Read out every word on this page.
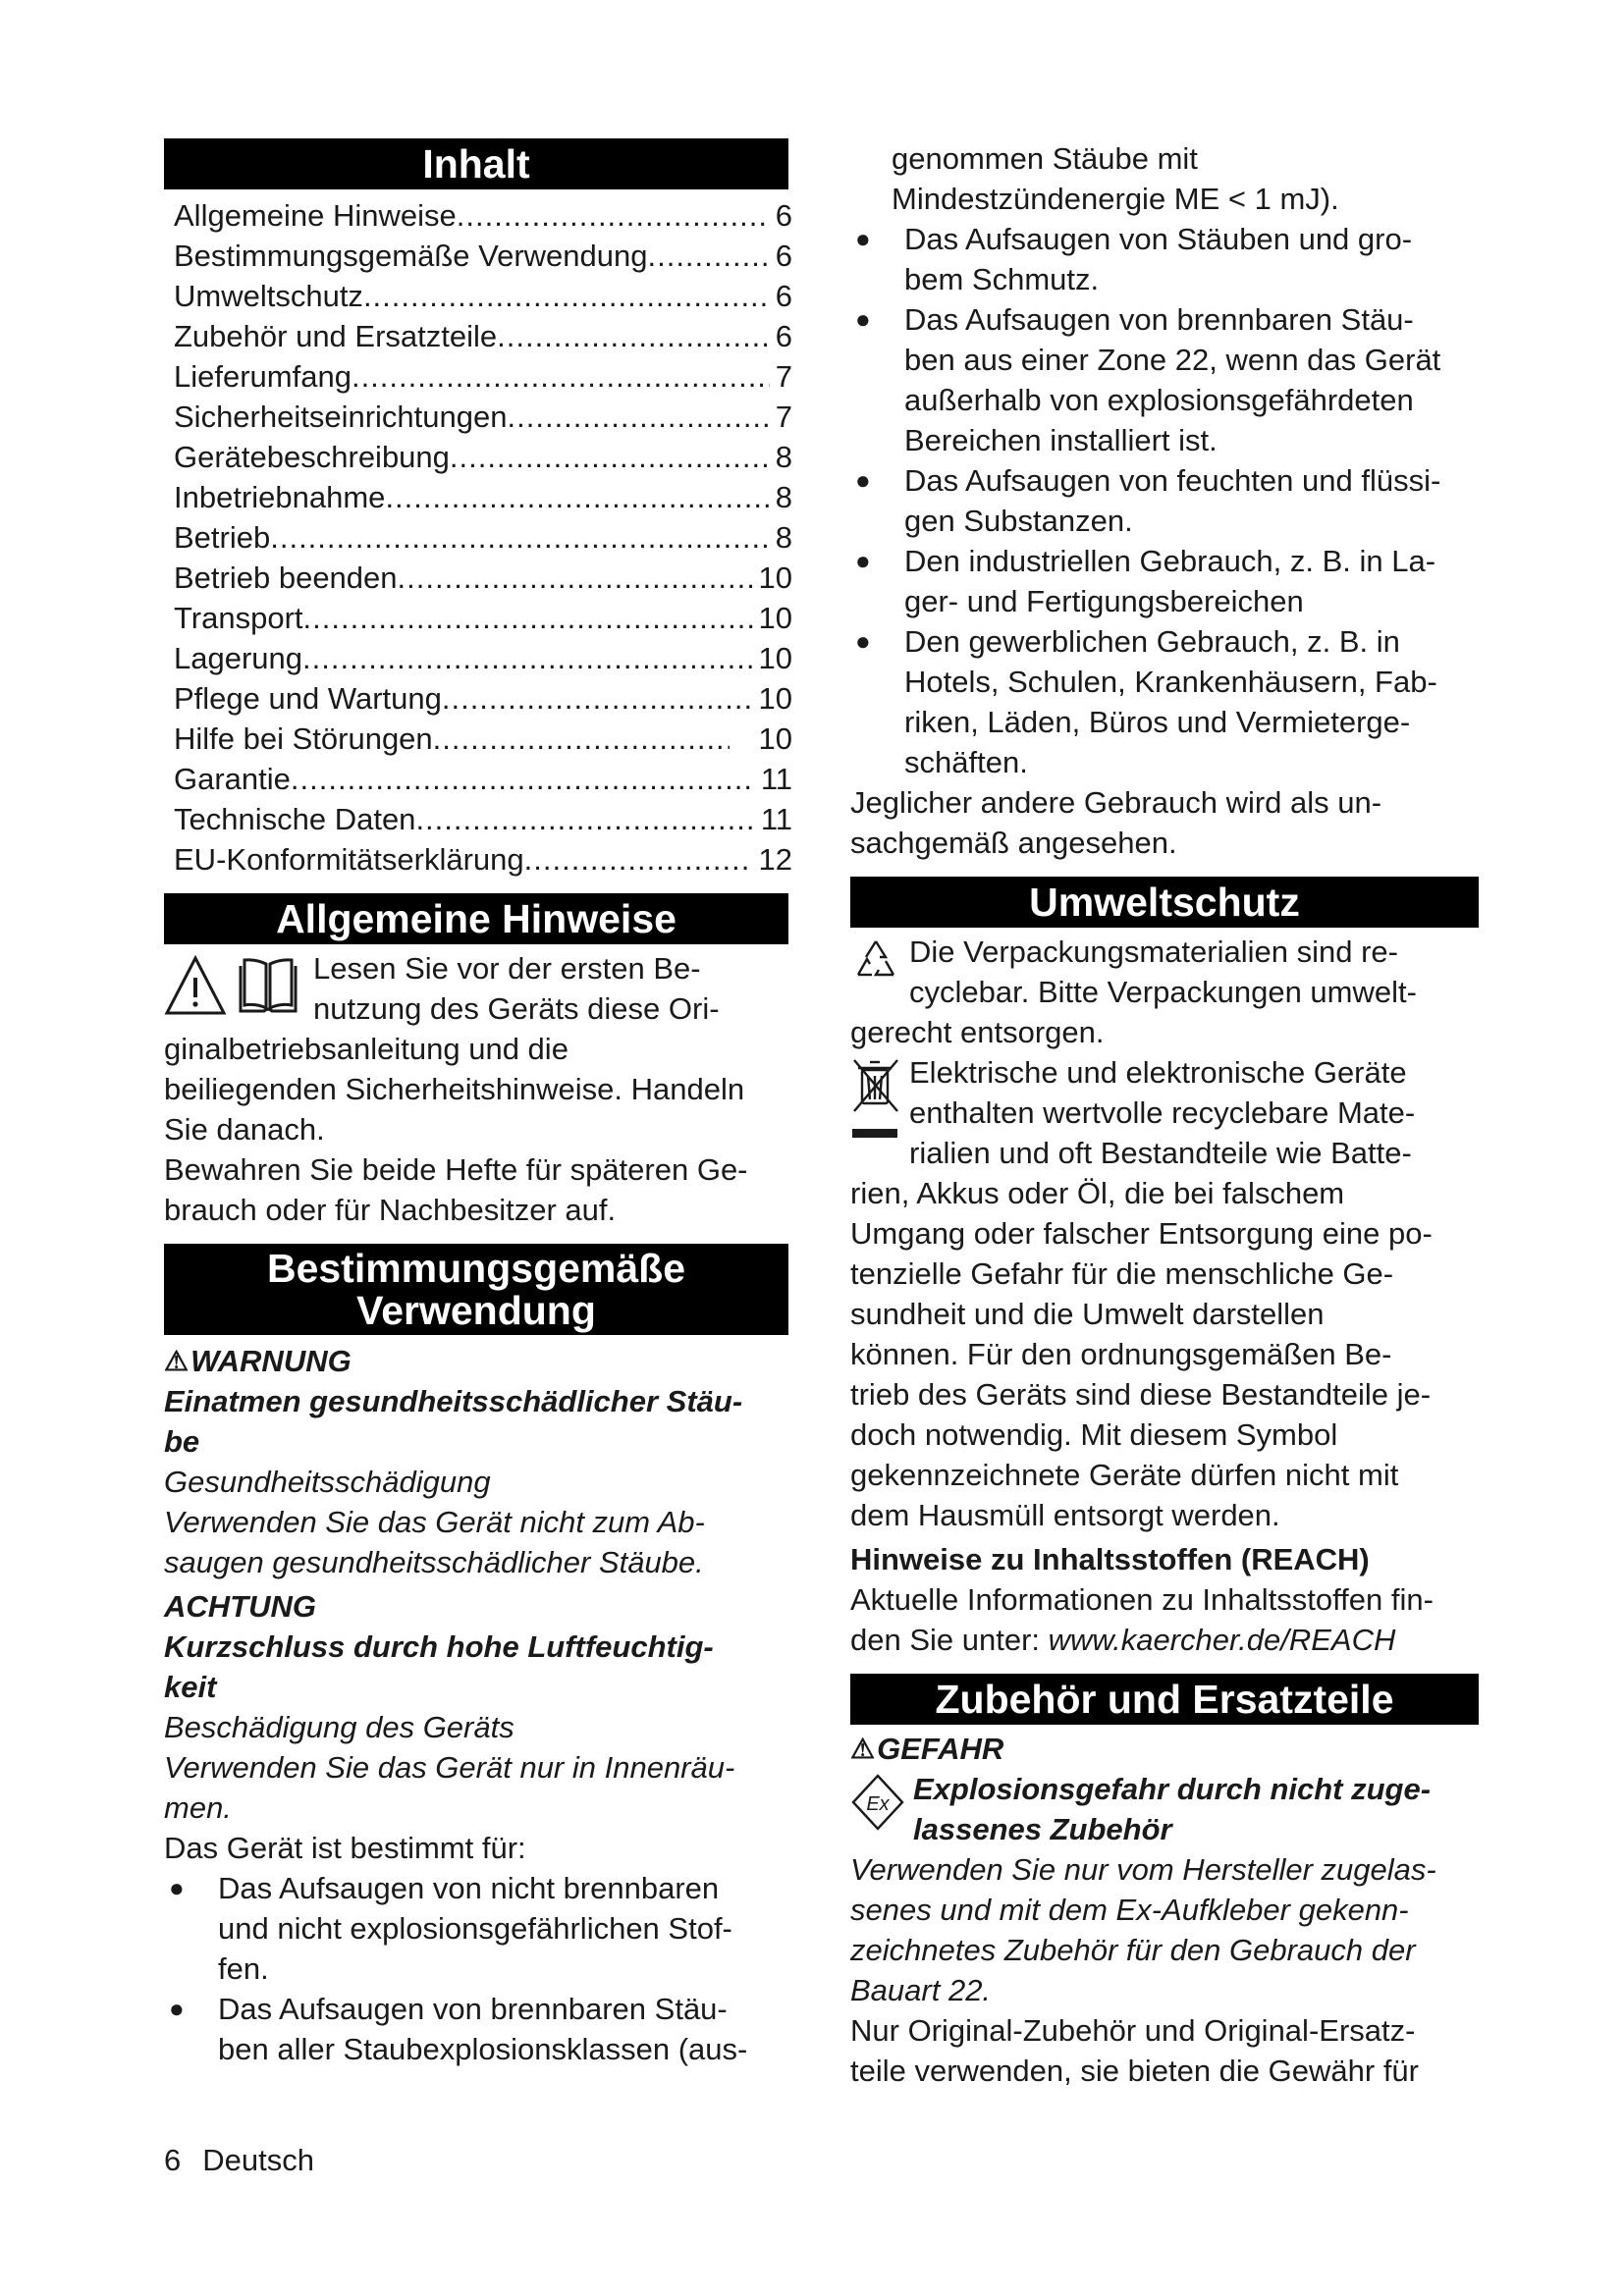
Inhalt
Allgemeine Hinweise .....	6
Bestimmungsgemäße Verwendung .....	6
Umweltschutz .....	6
Zubehör und Ersatzteile .....	6
Lieferumfang .....	7
Sicherheitseinrichtungen .....	7
Gerätebeschreibung .....	8
Inbetriebnahme .....	8
Betrieb .....	8
Betrieb beenden .....	10
Transport .....	10
Lagerung .....	10
Pflege und Wartung .....	10
Hilfe bei Störungen .....	10
Garantie .....	11
Technische Daten .....	11
EU-Konformitätserklärung .....	12
Allgemeine Hinweise

Lesen Sie vor der ersten Be-
nutzung des Geräts diese Ori-
ginalbetriebsanleitung und die
beiliegenden Sicherheitshinweise. Handeln
Sie danach.

Bewahren Sie beide Hefte für späteren Ge-
brauch oder für Nachbesitzer auf.

Bestimmungsgemäße
Verwendung

⚠ WARNUNG

Einatmen gesundheitsschädlicher Stäu-
be

Gesundheitsschädigung
Verwenden Sie das Gerät nicht zum Ab-
saugen gesundheitsschädlicher Stäube.

ACHTUNG

Kurzschluss durch hohe Luftfeuchtig-
keit

Beschädigung des Geräts
Verwenden Sie das Gerät nur in Innenräu-
men.

Das Gerät ist bestimmt für:

●	Das Aufsaugen von nicht brennbaren
und nicht explosionsgefährlichen Stof-
fen.
●	Das Aufsaugen von brennbaren Stäu-
ben aller Staubexplosionsklassen (aus-

genommen Stäube mit
Mindestzündenergie ME < 1 mJ).

●	Das Aufsaugen von Stäuben und gro-
bem Schmutz.
●	Das Aufsaugen von brennbaren Stäu-
ben aus einer Zone 22, wenn das Gerät
außerhalb von explosionsgefährdeten
Bereichen installiert ist.
●	Das Aufsaugen von feuchten und flüssi-
gen Substanzen.
●	Den industriellen Gebrauch, z. B. in La-
ger- und Fertigungsbereichen
●	Den gewerblichen Gebrauch, z. B. in
Hotels, Schulen, Krankenhäusern, Fab-
riken, Läden, Büros und Vermieterge-
schäften.

Jeglicher andere Gebrauch wird als un-
sachgemäß angesehen.

Umweltschutz

Die Verpackungsmaterialien sind re-
cyclebar. Bitte Verpackungen umwelt-
gerecht entsorgen.

Elektrische und elektronische Geräte
enthalten wertvolle recyclebare Mate-
rialien und oft Bestandteile wie Batte-
rien, Akkus oder Öl, die bei falschem
Umgang oder falscher Entsorgung eine po-
tenzielle Gefahr für die menschliche Ge-
sundheit und die Umwelt darstellen
können. Für den ordnungsgemäßen Be-
trieb des Geräts sind diese Bestandteile je-
doch notwendig. Mit diesem Symbol
gekennzeichnete Geräte dürfen nicht mit
dem Hausmüll entsorgt werden.

Hinweise zu Inhaltsstoffen (REACH)

Aktuelle Informationen zu Inhaltsstoffen fin-
den Sie unter: www.kaercher.de/REACH

Zubehör und Ersatzteile

⚠ GEFAHR

Ex Explosionsgefahr durch nicht zuge-
lassenes Zubehör

Verwenden Sie nur vom Hersteller zugelas-
senes und mit dem Ex-Aufkleber gekenn-
zeichnetes Zubehör für den Gebrauch der
Bauart 22.

Nur Original-Zubehör und Original-Ersatz-
teile verwenden, sie bieten die Gewähr für

6 Deutsch
